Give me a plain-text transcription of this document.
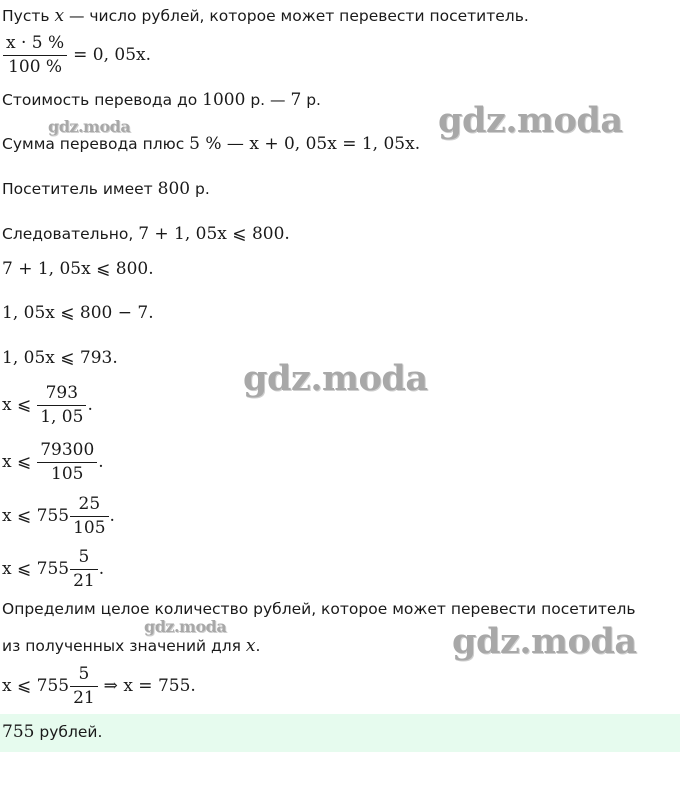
Пусть x — число рублей, которое может перевести посетитель.
$\frac{x \cdot 5 \%}{100 \%} = 0$, 05x.
Стоимость перевода до 1000 р. — 7 р.
Сумма перевода плюс 5 % — x + 0, 05x = 1, 05x.
Посетитель имеет 800 р.
Следовательно, 7 + 1, 05x ⩽ 800.
7 + 1, 05x ⩽ 800.
1, 05x ⩽ 800 − 7.
1, 05x ⩽ 793.
x ⩽ $\frac{793}{1, 05}$ .
x ⩽ $\frac{79300}{105}$ .
x ⩽ $755 \frac{25}{105}$ .
x ⩽ $755 \frac{5}{21}$ .
Определим целое количество рублей, которое может перевести посетитель
из полученных значений для x.
x ⩽ $755 \frac{5}{21}$ ⇒ x = 755.
755 рублей.
gdz.moda	gdz.moda
gdz.moda
gdz.moda	gdz.moda
